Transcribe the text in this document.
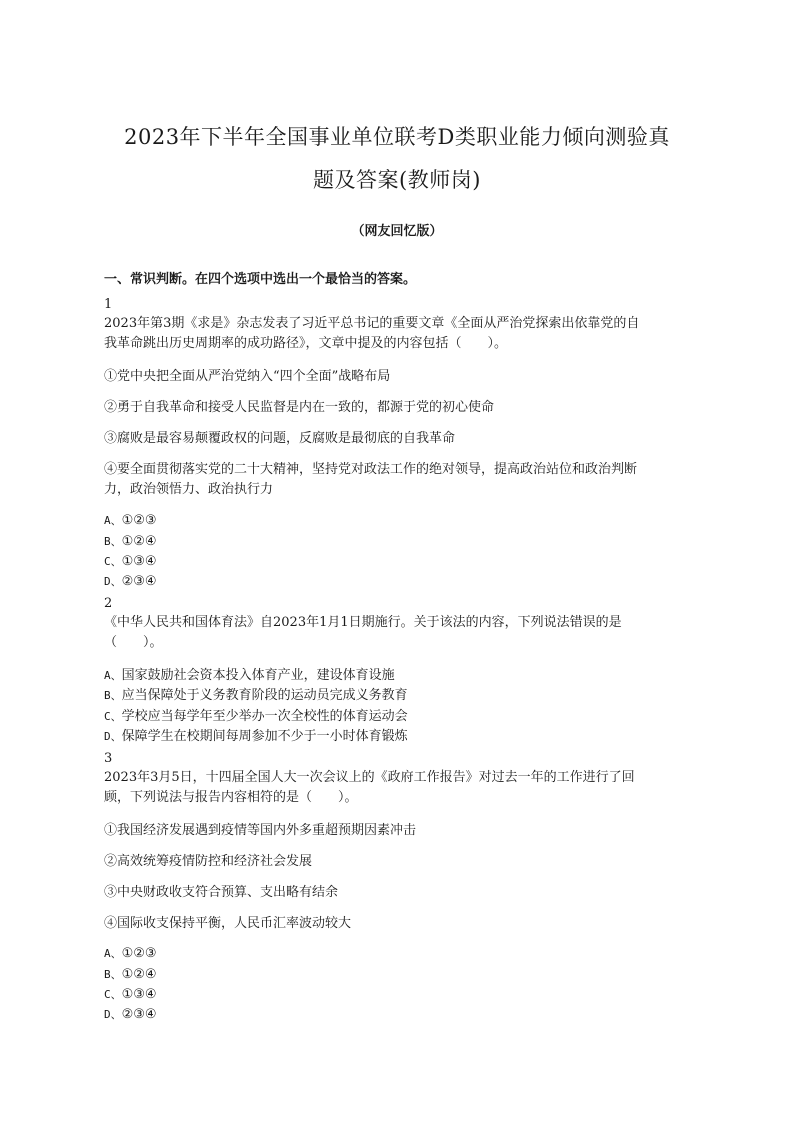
2023年下半年全国事业单位联考D类职业能力倾向测验真
题及答案(教师岗)

（网友回忆版）

一、常识判断。在四个选项中选出一个最恰当的答案。

1

2023年第3期《求是》杂志发表了习近平总书记的重要文章《全面从严治党探索出依靠党的自

我革命跳出历史周期率的成功路径》，文章中提及的内容包括（　　）。

①党中央把全面从严治党纳入“四个全面”战略布局

②勇于自我革命和接受人民监督是内在一致的，都源于党的初心使命

③腐败是最容易颠覆政权的问题，反腐败是最彻底的自我革命

④要全面贯彻落实党的二十大精神，坚持党对政法工作的绝对领导，提高政治站位和政治判断

力，政治领悟力、政治执行力

A、①②③

B、①②④

C、①③④

D、②③④

2

《中华人民共和国体育法》自2023年1月1日期施行。关于该法的内容，下列说法错误的是

（　　）。

A、国家鼓励社会资本投入体育产业，建设体育设施

B、应当保障处于义务教育阶段的运动员完成义务教育

C、学校应当每学年至少举办一次全校性的体育运动会

D、保障学生在校期间每周参加不少于一小时体育锻炼

3

2023年3月5日，十四届全国人大一次会议上的《政府工作报告》对过去一年的工作进行了回

顾，下列说法与报告内容相符的是（　　）。

①我国经济发展遇到疫情等国内外多重超预期因素冲击

②高效统筹疫情防控和经济社会发展

③中央财政收支符合预算、支出略有结余

④国际收支保持平衡，人民币汇率波动较大

A、①②③

B、①②④

C、①③④

D、②③④
